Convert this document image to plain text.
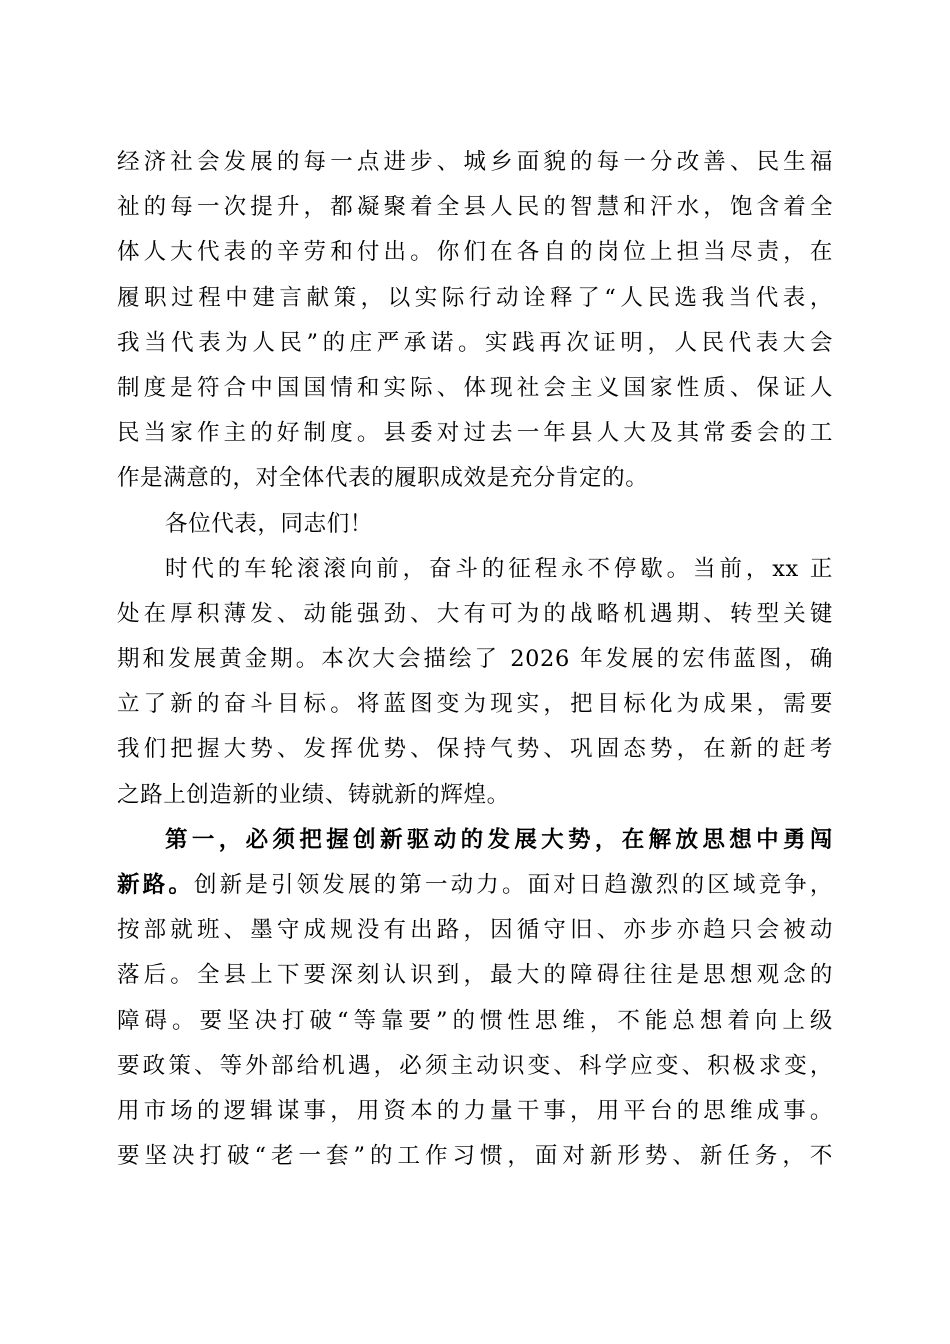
经济社会发展的每一点进步、城乡面貌的每一分改善、民生福
祉的每一次提升，都凝聚着全县人民的智慧和汗水，饱含着全
体人大代表的辛劳和付出。你们在各自的岗位上担当尽责，在
履职过程中建言献策，以实际行动诠释了“人民选我当代表，
我当代表为人民”的庄严承诺。实践再次证明，人民代表大会
制度是符合中国国情和实际、体现社会主义国家性质、保证人
民当家作主的好制度。县委对过去一年县人大及其常委会的工
作是满意的，对全体代表的履职成效是充分肯定的。
各位代表，同志们！
时代的车轮滚滚向前，奋斗的征程永不停歇。当前，xx 正
处在厚积薄发、动能强劲、大有可为的战略机遇期、转型关键
期和发展黄金期。本次大会描绘了 2026 年发展的宏伟蓝图，确
立了新的奋斗目标。将蓝图变为现实，把目标化为成果，需要
我们把握大势、发挥优势、保持气势、巩固态势，在新的赶考
之路上创造新的业绩、铸就新的辉煌。
第一，必须把握创新驱动的发展大势，在解放思想中勇闯
新路。创新是引领发展的第一动力。面对日趋激烈的区域竞争，
按部就班、墨守成规没有出路，因循守旧、亦步亦趋只会被动
落后。全县上下要深刻认识到，最大的障碍往往是思想观念的
障碍。要坚决打破“等靠要”的惯性思维，不能总想着向上级
要政策、等外部给机遇，必须主动识变、科学应变、积极求变，
用市场的逻辑谋事，用资本的力量干事，用平台的思维成事。
要坚决打破“老一套”的工作习惯，面对新形势、新任务，不
